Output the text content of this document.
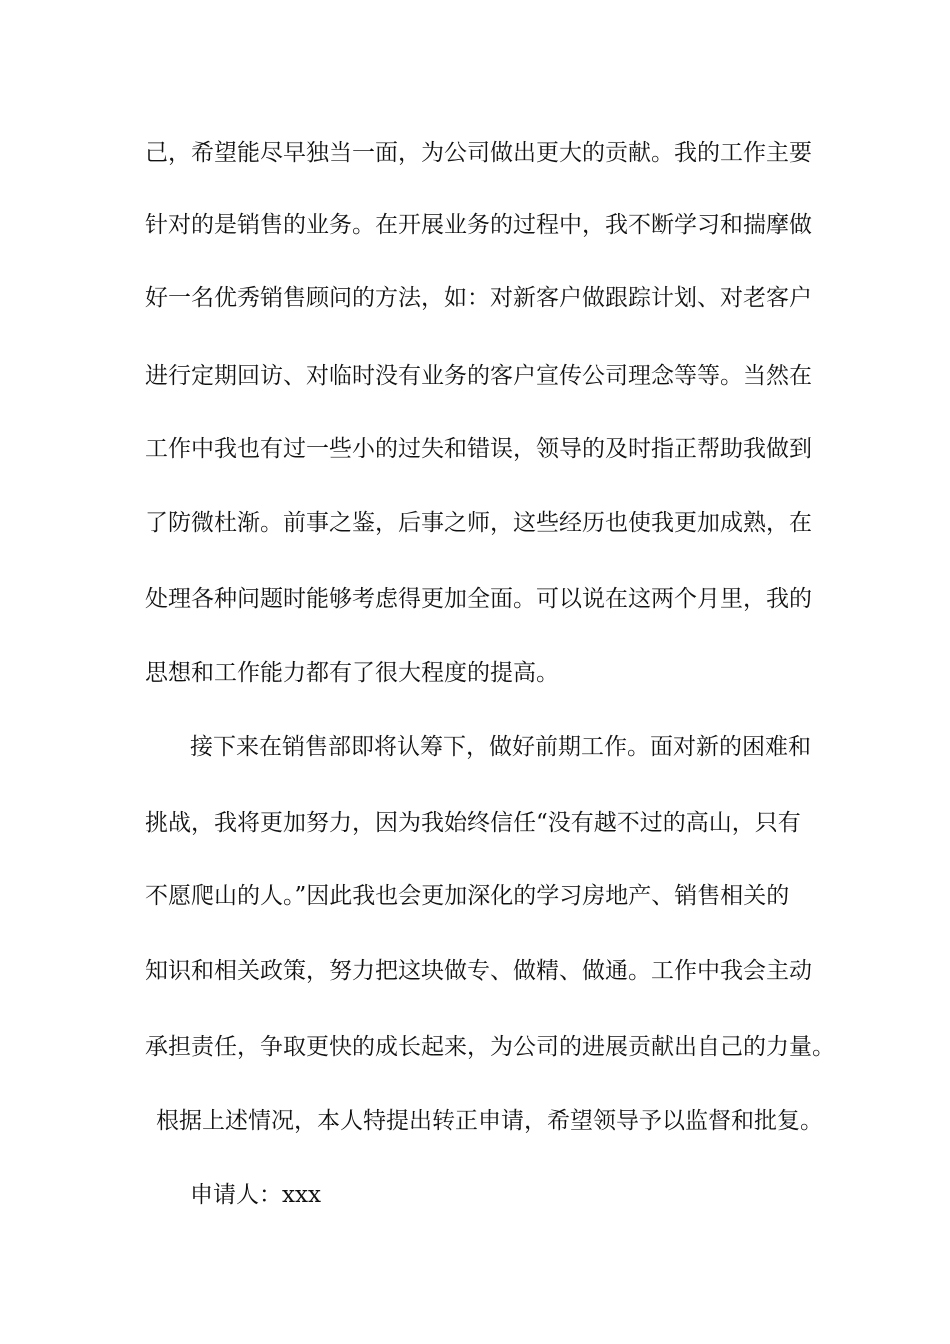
己，希望能尽早独当一面，为公司做出更大的贡献。我的工作主要

针对的是销售的业务。在开展业务的过程中，我不断学习和揣摩做

好一名优秀销售顾问的方法，如：对新客户做跟踪计划、对老客户

进行定期回访、对临时没有业务的客户宣传公司理念等等。当然在

工作中我也有过一些小的过失和错误，领导的及时指正帮助我做到

了防微杜渐。前事之鉴，后事之师，这些经历也使我更加成熟，在

处理各种问题时能够考虑得更加全面。可以说在这两个月里，我的

思想和工作能力都有了很大程度的提高。

接下来在销售部即将认筹下，做好前期工作。面对新的困难和

挑战，我将更加努力，因为我始终信任“没有越不过的高山，只有

不愿爬山的人。”因此我也会更加深化的学习房地产、销售相关的

知识和相关政策，努力把这块做专、做精、做通。工作中我会主动

承担责任，争取更快的成长起来，为公司的进展贡献出自己的力量。

根据上述情况，本人特提出转正申请，希望领导予以监督和批复。

申请人：xxx
